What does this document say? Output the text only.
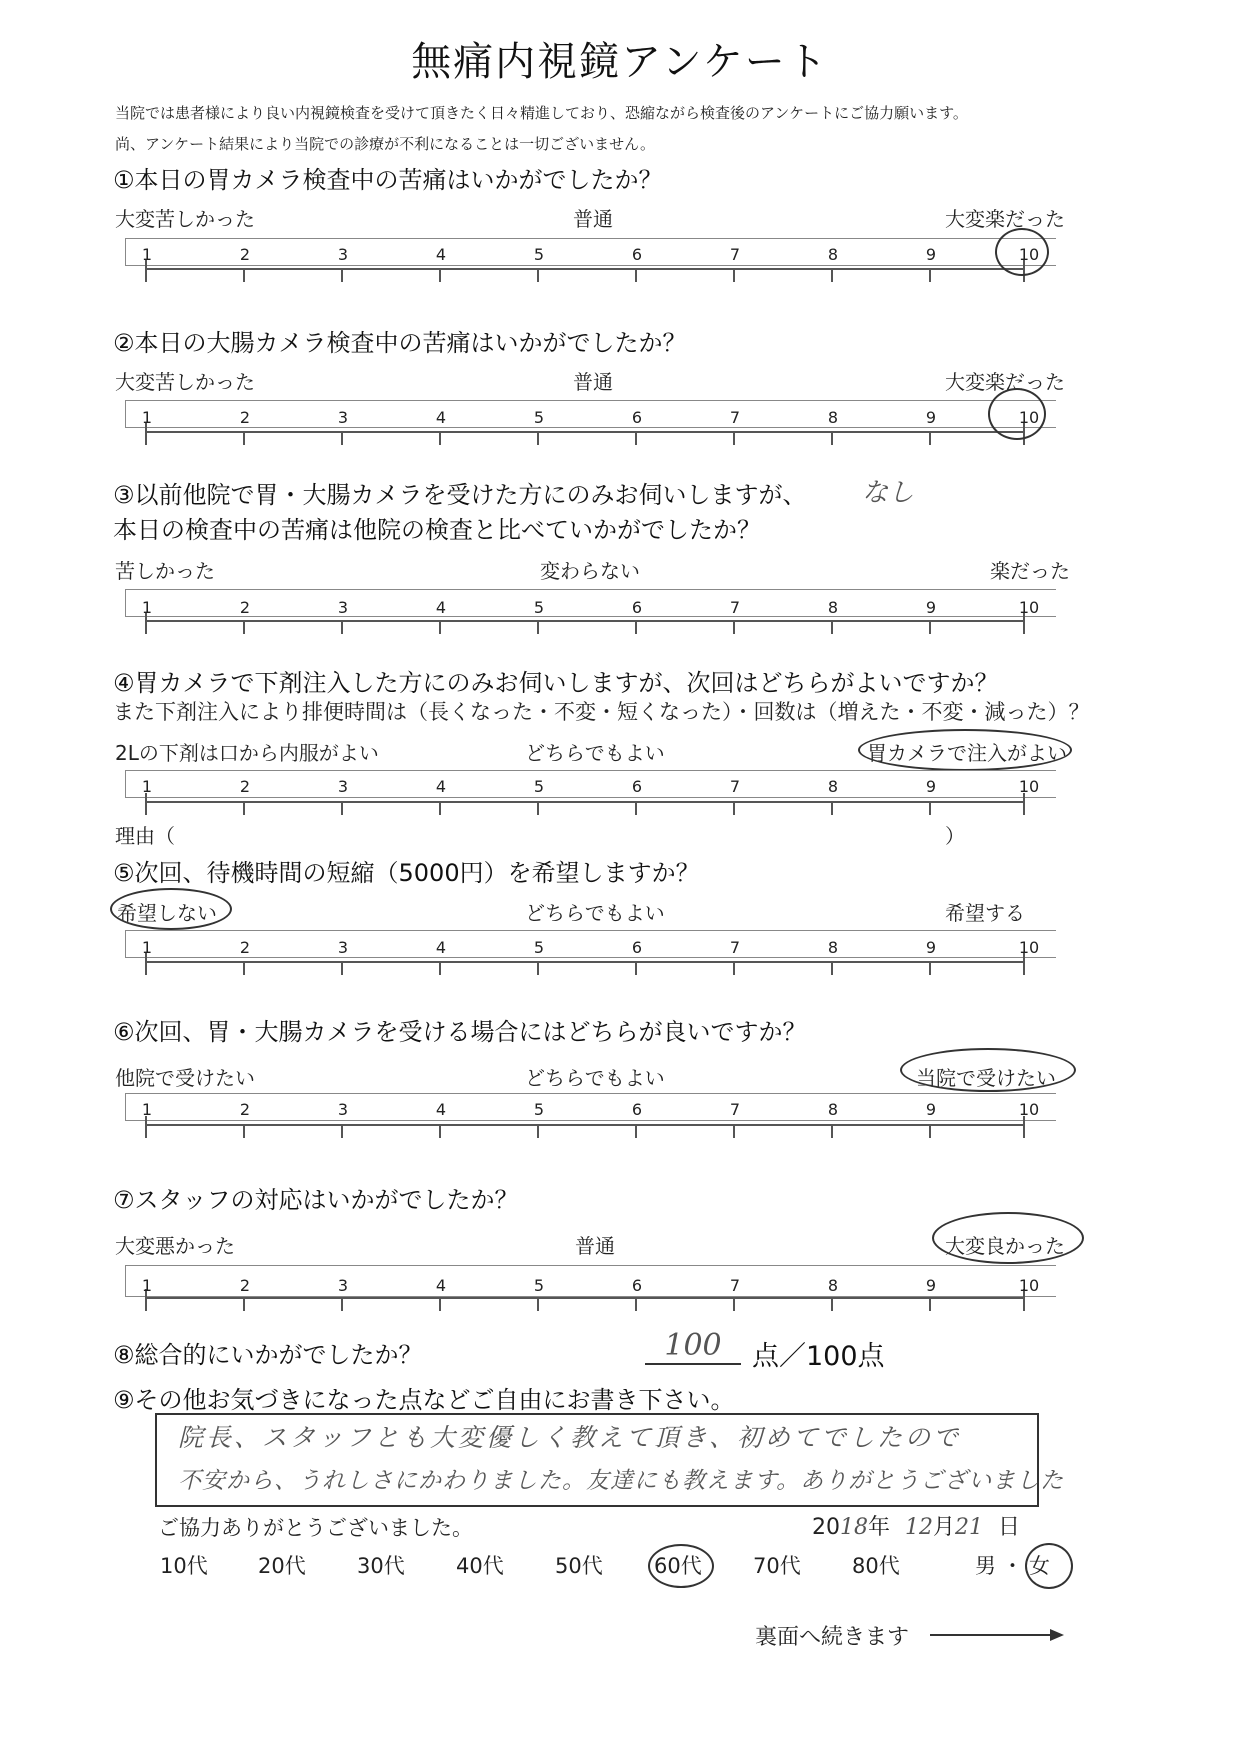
無痛内視鏡アンケート
当院では患者様により良い内視鏡検査を受けて頂きたく日々精進しており、恐縮ながら検査後のアンケートにご協力願います。
尚、アンケート結果により当院での診療が不利になることは一切ございません。
①本日の胃カメラ検査中の苦痛はいかがでしたか？
大変苦しかった	普通	大変楽だった
1	2	3	4	5	6	7	8	9	10
②本日の大腸カメラ検査中の苦痛はいかがでしたか？
大変苦しかった	普通	大変楽だった
1	2	3	4	5	6	7	8	9	10
③以前他院で胃・大腸カメラを受けた方にのみお伺いしますが、 なし
本日の検査中の苦痛は他院の検査と比べていかがでしたか？
苦しかった	変わらない	楽だった
1	2	3	4	5	6	7	8	9	10
④胃カメラで下剤注入した方にのみお伺いしますが、次回はどちらがよいですか？
また下剤注入により排便時間は（長くなった・不変・短くなった）・回数は（増えた・不変・減った）？
2Lの下剤は口から内服がよい	どちらでもよい	胃カメラで注入がよい
1	2	3	4	5	6	7	8	9	10
理由（	）
⑤次回、待機時間の短縮（5000円）を希望しますか？
希望しない	どちらでもよい	希望する
1	2	3	4	5	6	7	8	9	10
⑥次回、胃・大腸カメラを受ける場合にはどちらが良いですか？
他院で受けたい	どちらでもよい	当院で受けたい
1	2	3	4	5	6	7	8	9	10
⑦スタッフの対応はいかがでしたか？
大変悪かった	普通	大変良かった
1	2	3	4	5	6	7	8	9	10
⑧総合的にいかがでしたか？	100	点／100点
⑨その他お気づきになった点などご自由にお書き下さい。
院長、スタッフとも大変優しく教えて頂き、初めてでしたので
不安から、うれしさにかわりました。友達にも教えます。ありがとうございました
ご協力ありがとうございました。	2018年 12月21 日
10代 20代 30代 40代 50代 60代 70代 80代	男 ・ 女
裏面へ続きます
